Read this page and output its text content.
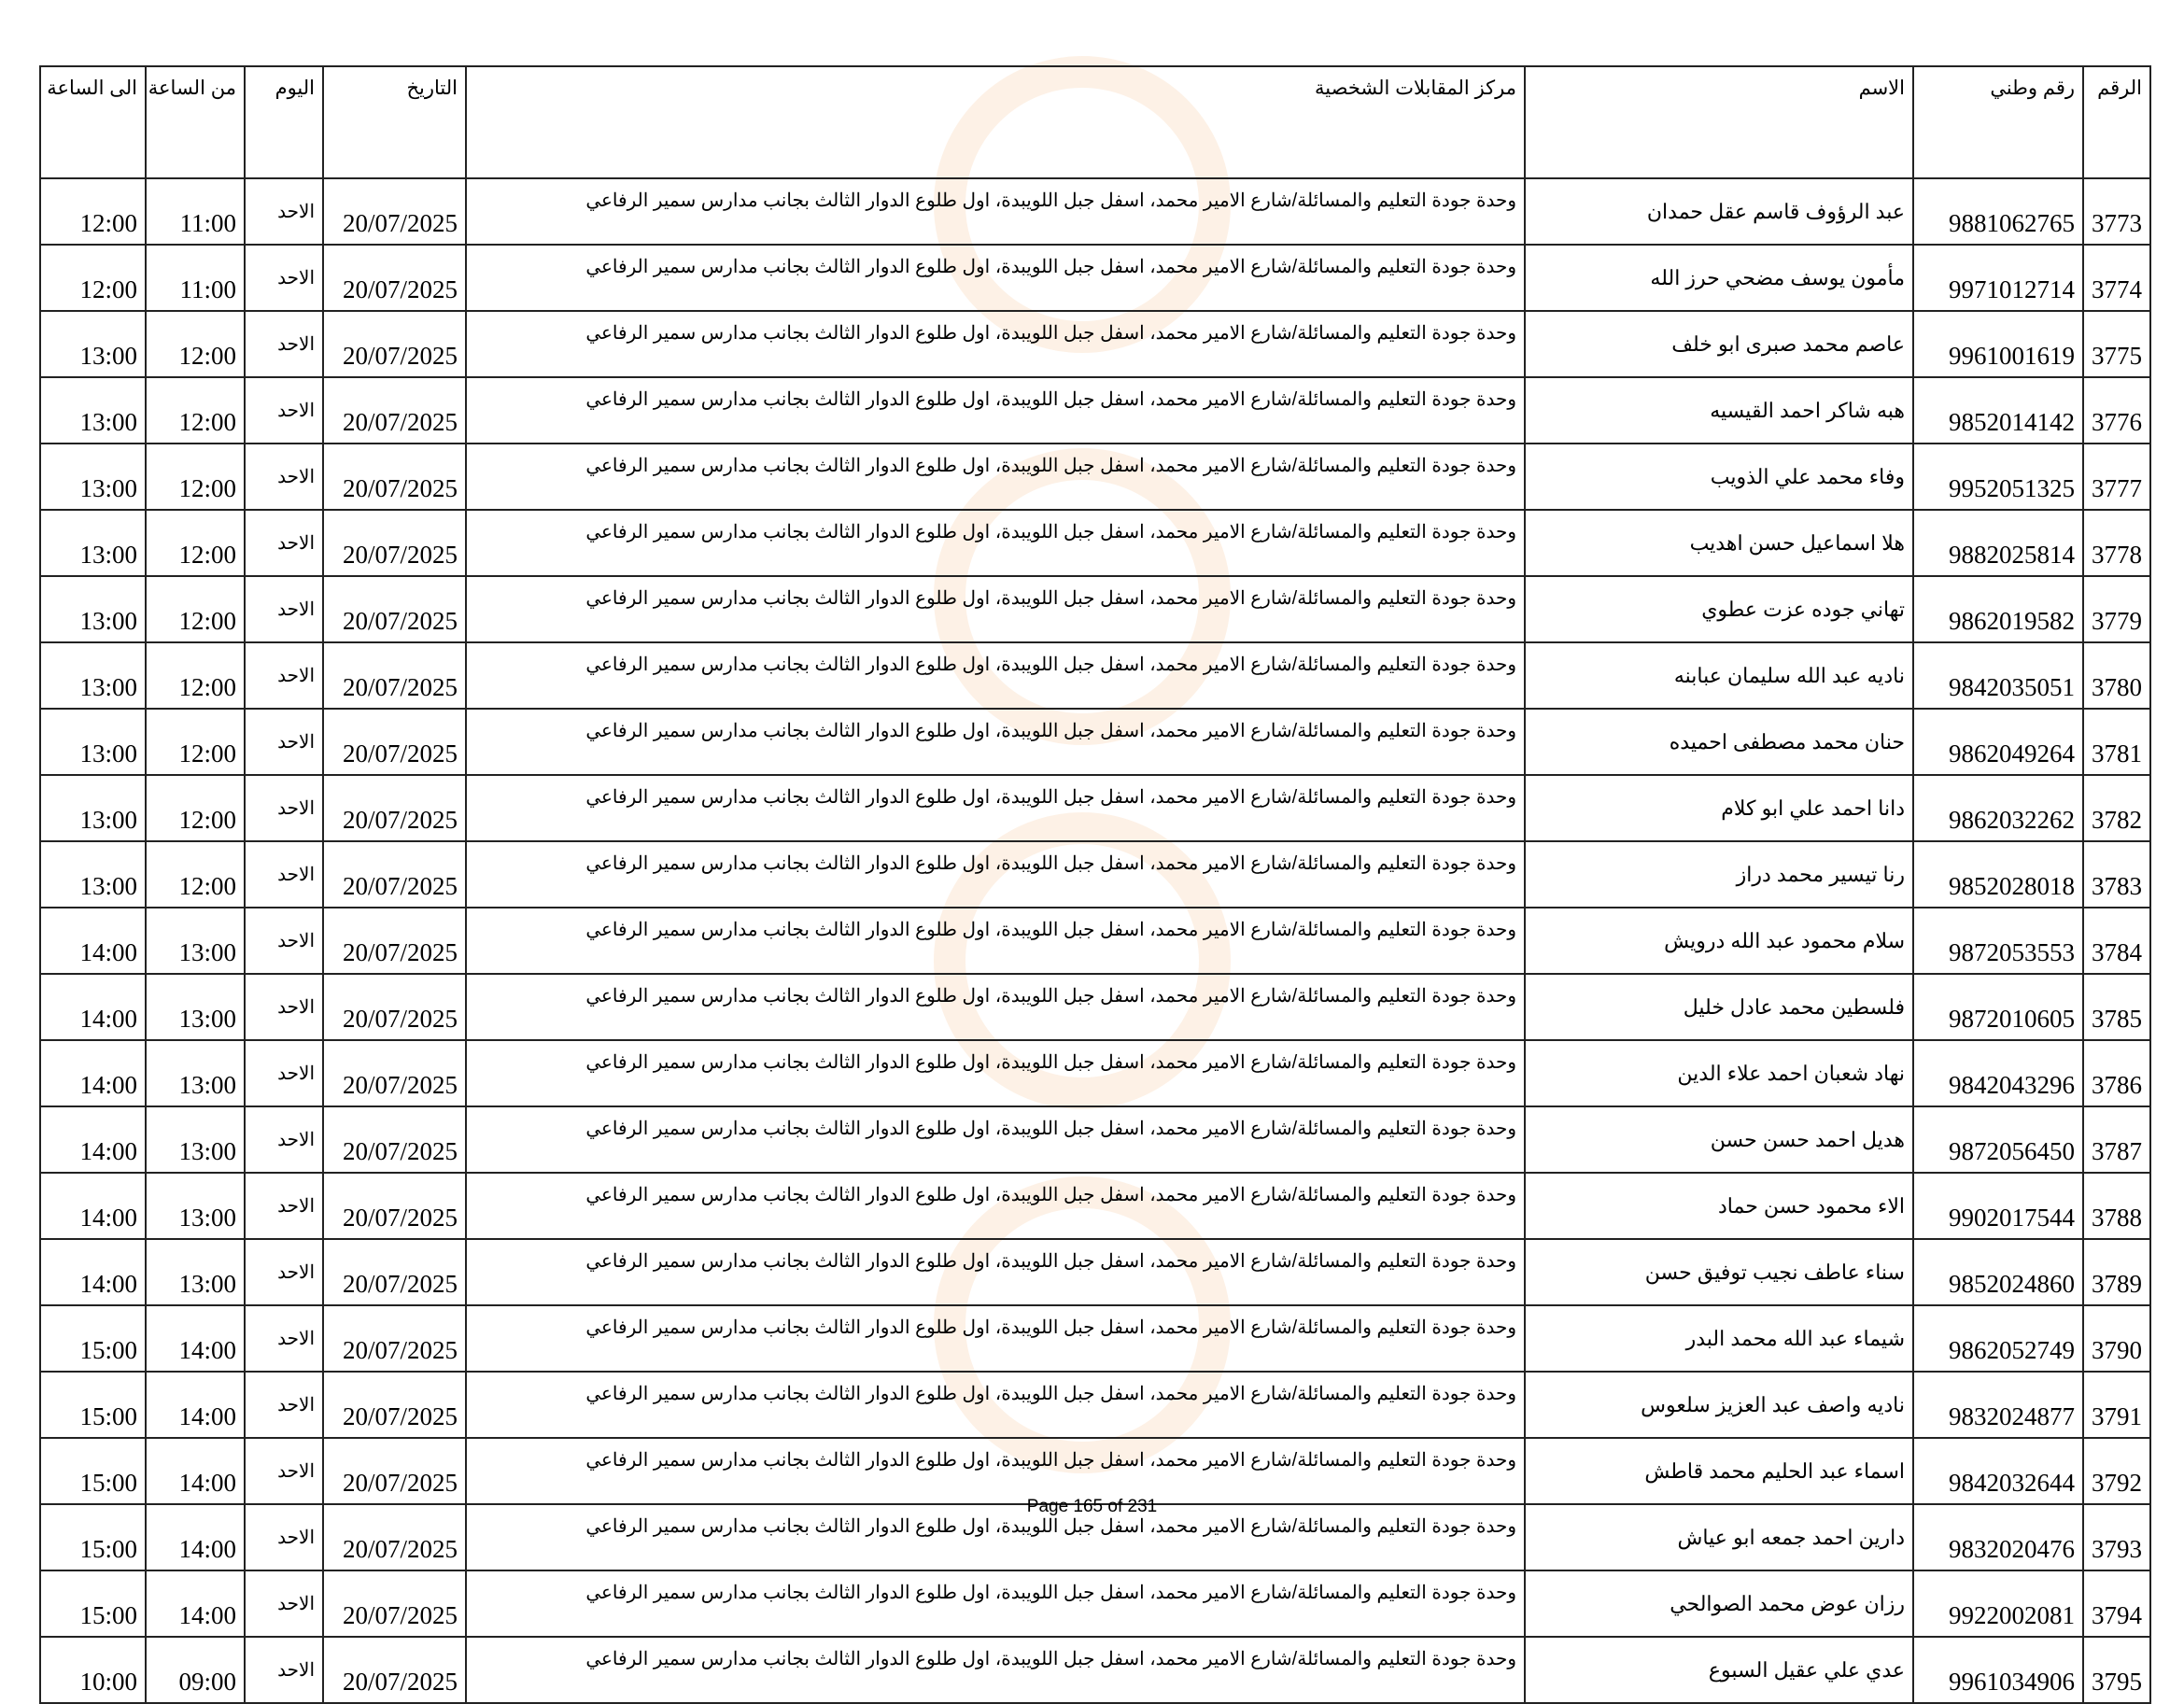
الرقم	رقم وطني	الاسم	مركز المقابلات الشخصية	التاريخ	اليوم	من الساعة	الى الساعة
3773	9881062765	عبد الرؤوف قاسم عقل حمدان	وحدة جودة التعليم والمسائلة/شارع الامير محمد، اسفل جبل اللويبدة، اول طلوع الدوار الثالث بجانب مدارس سمير الرفاعي	20/07/2025	الاحد	11:00	12:00
3774	9971012714	مأمون يوسف مضحي حرز الله	وحدة جودة التعليم والمسائلة/شارع الامير محمد، اسفل جبل اللويبدة، اول طلوع الدوار الثالث بجانب مدارس سمير الرفاعي	20/07/2025	الاحد	11:00	12:00
3775	9961001619	عاصم محمد صبرى ابو خلف	وحدة جودة التعليم والمسائلة/شارع الامير محمد، اسفل جبل اللويبدة، اول طلوع الدوار الثالث بجانب مدارس سمير الرفاعي	20/07/2025	الاحد	12:00	13:00
3776	9852014142	هبه شاكر احمد القيسيه	وحدة جودة التعليم والمسائلة/شارع الامير محمد، اسفل جبل اللويبدة، اول طلوع الدوار الثالث بجانب مدارس سمير الرفاعي	20/07/2025	الاحد	12:00	13:00
3777	9952051325	وفاء محمد علي الذويب	وحدة جودة التعليم والمسائلة/شارع الامير محمد، اسفل جبل اللويبدة، اول طلوع الدوار الثالث بجانب مدارس سمير الرفاعي	20/07/2025	الاحد	12:00	13:00
3778	9882025814	هلا اسماعيل حسن اهديب	وحدة جودة التعليم والمسائلة/شارع الامير محمد، اسفل جبل اللويبدة، اول طلوع الدوار الثالث بجانب مدارس سمير الرفاعي	20/07/2025	الاحد	12:00	13:00
3779	9862019582	تهاني جوده عزت عطوي	وحدة جودة التعليم والمسائلة/شارع الامير محمد، اسفل جبل اللويبدة، اول طلوع الدوار الثالث بجانب مدارس سمير الرفاعي	20/07/2025	الاحد	12:00	13:00
3780	9842035051	ناديه عبد الله سليمان عبابنه	وحدة جودة التعليم والمسائلة/شارع الامير محمد، اسفل جبل اللويبدة، اول طلوع الدوار الثالث بجانب مدارس سمير الرفاعي	20/07/2025	الاحد	12:00	13:00
3781	9862049264	حنان محمد مصطفى احميده	وحدة جودة التعليم والمسائلة/شارع الامير محمد، اسفل جبل اللويبدة، اول طلوع الدوار الثالث بجانب مدارس سمير الرفاعي	20/07/2025	الاحد	12:00	13:00
3782	9862032262	دانا احمد علي ابو كلام	وحدة جودة التعليم والمسائلة/شارع الامير محمد، اسفل جبل اللويبدة، اول طلوع الدوار الثالث بجانب مدارس سمير الرفاعي	20/07/2025	الاحد	12:00	13:00
3783	9852028018	رنا تيسير محمد دراز	وحدة جودة التعليم والمسائلة/شارع الامير محمد، اسفل جبل اللويبدة، اول طلوع الدوار الثالث بجانب مدارس سمير الرفاعي	20/07/2025	الاحد	12:00	13:00
3784	9872053553	سلام محمود عبد الله درويش	وحدة جودة التعليم والمسائلة/شارع الامير محمد، اسفل جبل اللويبدة، اول طلوع الدوار الثالث بجانب مدارس سمير الرفاعي	20/07/2025	الاحد	13:00	14:00
3785	9872010605	فلسطين محمد عادل خليل	وحدة جودة التعليم والمسائلة/شارع الامير محمد، اسفل جبل اللويبدة، اول طلوع الدوار الثالث بجانب مدارس سمير الرفاعي	20/07/2025	الاحد	13:00	14:00
3786	9842043296	نهاد شعبان احمد علاء الدين	وحدة جودة التعليم والمسائلة/شارع الامير محمد، اسفل جبل اللويبدة، اول طلوع الدوار الثالث بجانب مدارس سمير الرفاعي	20/07/2025	الاحد	13:00	14:00
3787	9872056450	هديل احمد حسن حسن	وحدة جودة التعليم والمسائلة/شارع الامير محمد، اسفل جبل اللويبدة، اول طلوع الدوار الثالث بجانب مدارس سمير الرفاعي	20/07/2025	الاحد	13:00	14:00
3788	9902017544	الاء محمود حسن حماد	وحدة جودة التعليم والمسائلة/شارع الامير محمد، اسفل جبل اللويبدة، اول طلوع الدوار الثالث بجانب مدارس سمير الرفاعي	20/07/2025	الاحد	13:00	14:00
3789	9852024860	سناء عاطف نجيب توفيق حسن	وحدة جودة التعليم والمسائلة/شارع الامير محمد، اسفل جبل اللويبدة، اول طلوع الدوار الثالث بجانب مدارس سمير الرفاعي	20/07/2025	الاحد	13:00	14:00
3790	9862052749	شيماء عبد الله محمد البدر	وحدة جودة التعليم والمسائلة/شارع الامير محمد، اسفل جبل اللويبدة، اول طلوع الدوار الثالث بجانب مدارس سمير الرفاعي	20/07/2025	الاحد	14:00	15:00
3791	9832024877	ناديه واصف عبد العزيز سلعوس	وحدة جودة التعليم والمسائلة/شارع الامير محمد، اسفل جبل اللويبدة، اول طلوع الدوار الثالث بجانب مدارس سمير الرفاعي	20/07/2025	الاحد	14:00	15:00
3792	9842032644	اسماء عبد الحليم محمد قاطش	وحدة جودة التعليم والمسائلة/شارع الامير محمد، اسفل جبل اللويبدة، اول طلوع الدوار الثالث بجانب مدارس سمير الرفاعي	20/07/2025	الاحد	14:00	15:00
3793	9832020476	دارين احمد جمعه ابو عياش	وحدة جودة التعليم والمسائلة/شارع الامير محمد، اسفل جبل اللويبدة، اول طلوع الدوار الثالث بجانب مدارس سمير الرفاعي	20/07/2025	الاحد	14:00	15:00
3794	9922002081	رزان عوض محمد الصوالحي	وحدة جودة التعليم والمسائلة/شارع الامير محمد، اسفل جبل اللويبدة، اول طلوع الدوار الثالث بجانب مدارس سمير الرفاعي	20/07/2025	الاحد	14:00	15:00
3795	9961034906	عدي علي عقيل السبوع	وحدة جودة التعليم والمسائلة/شارع الامير محمد، اسفل جبل اللويبدة، اول طلوع الدوار الثالث بجانب مدارس سمير الرفاعي	20/07/2025	الاحد	09:00	10:00
Page 165 of 231
